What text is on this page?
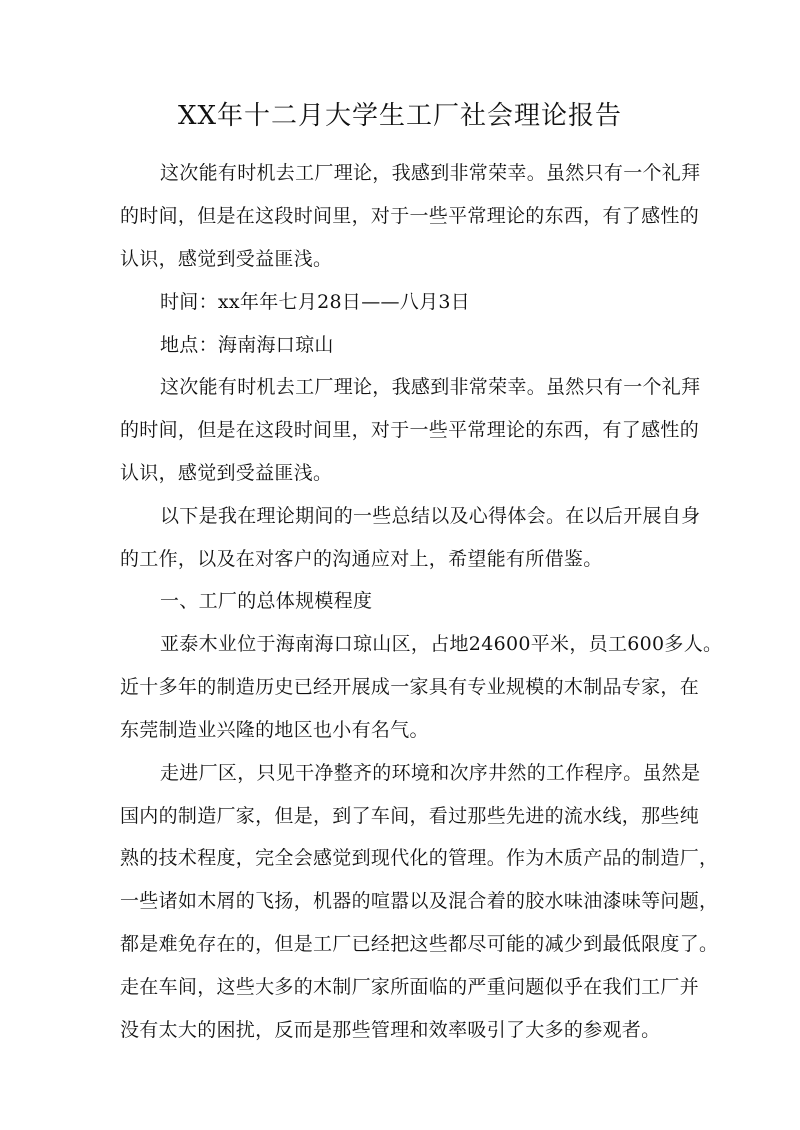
XX年十二月大学生工厂社会理论报告
这次能有时机去工厂理论，我感到非常荣幸。虽然只有一个礼拜
的时间，但是在这段时间里，对于一些平常理论的东西，有了感性的
认识，感觉到受益匪浅。
时间：xx年年七月28日——八月3日
地点：海南海口琼山
这次能有时机去工厂理论，我感到非常荣幸。虽然只有一个礼拜
的时间，但是在这段时间里，对于一些平常理论的东西，有了感性的
认识，感觉到受益匪浅。
以下是我在理论期间的一些总结以及心得体会。在以后开展自身
的工作，以及在对客户的沟通应对上，希望能有所借鉴。
一、工厂的总体规模程度
亚泰木业位于海南海口琼山区，占地24600平米，员工600多人。
近十多年的制造历史已经开展成一家具有专业规模的木制品专家，在
东莞制造业兴隆的地区也小有名气。
走进厂区，只见干净整齐的环境和次序井然的工作程序。虽然是
国内的制造厂家，但是，到了车间，看过那些先进的流水线，那些纯
熟的技术程度，完全会感觉到现代化的管理。作为木质产品的制造厂，
一些诸如木屑的飞扬，机器的喧嚣以及混合着的胶水味油漆味等问题，
都是难免存在的，但是工厂已经把这些都尽可能的减少到最低限度了。
走在车间，这些大多的木制厂家所面临的严重问题似乎在我们工厂并
没有太大的困扰，反而是那些管理和效率吸引了大多的参观者。
